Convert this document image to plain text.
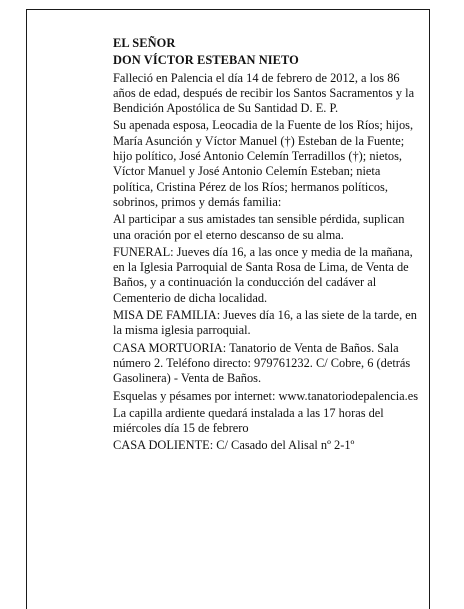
EL SEÑOR

DON VÍCTOR ESTEBAN NIETO

Falleció en Palencia el día 14 de febrero de 2012, a los 86 años de edad, después de recibir los Santos Sacramentos y la Bendición Apostólica de Su Santidad D. E. P.

Su apenada esposa, Leocadia de la Fuente de los Ríos; hijos, María Asunción y Víctor Manuel (†) Esteban de la Fuente; hijo político, José Antonio Celemín Terradillos (†); nietos, Víctor Manuel y José Antonio Celemín Esteban; nieta política, Cristina Pérez de los Ríos; hermanos políticos, sobrinos, primos y demás familia:

Al participar a sus amistades tan sensible pérdida, suplican una oración por el eterno descanso de su alma.

FUNERAL: Jueves día 16, a las once y media de la mañana, en la Iglesia Parroquial de Santa Rosa de Lima, de Venta de Baños, y a continuación la conducción del cadáver al Cementerio de dicha localidad.

MISA DE FAMILIA: Jueves día 16, a las siete de la tarde, en la misma iglesia parroquial.

CASA MORTUORIA: Tanatorio de Venta de Baños. Sala número 2. Teléfono directo: 979761232. C/ Cobre, 6 (detrás Gasolinera) - Venta de Baños.

Esquelas y pésames por internet: www.tanatoriodepalencia.es

La capilla ardiente quedará instalada a las 17 horas del miércoles día 15 de febrero

CASA DOLIENTE: C/ Casado del Alisal nº 2-1º
